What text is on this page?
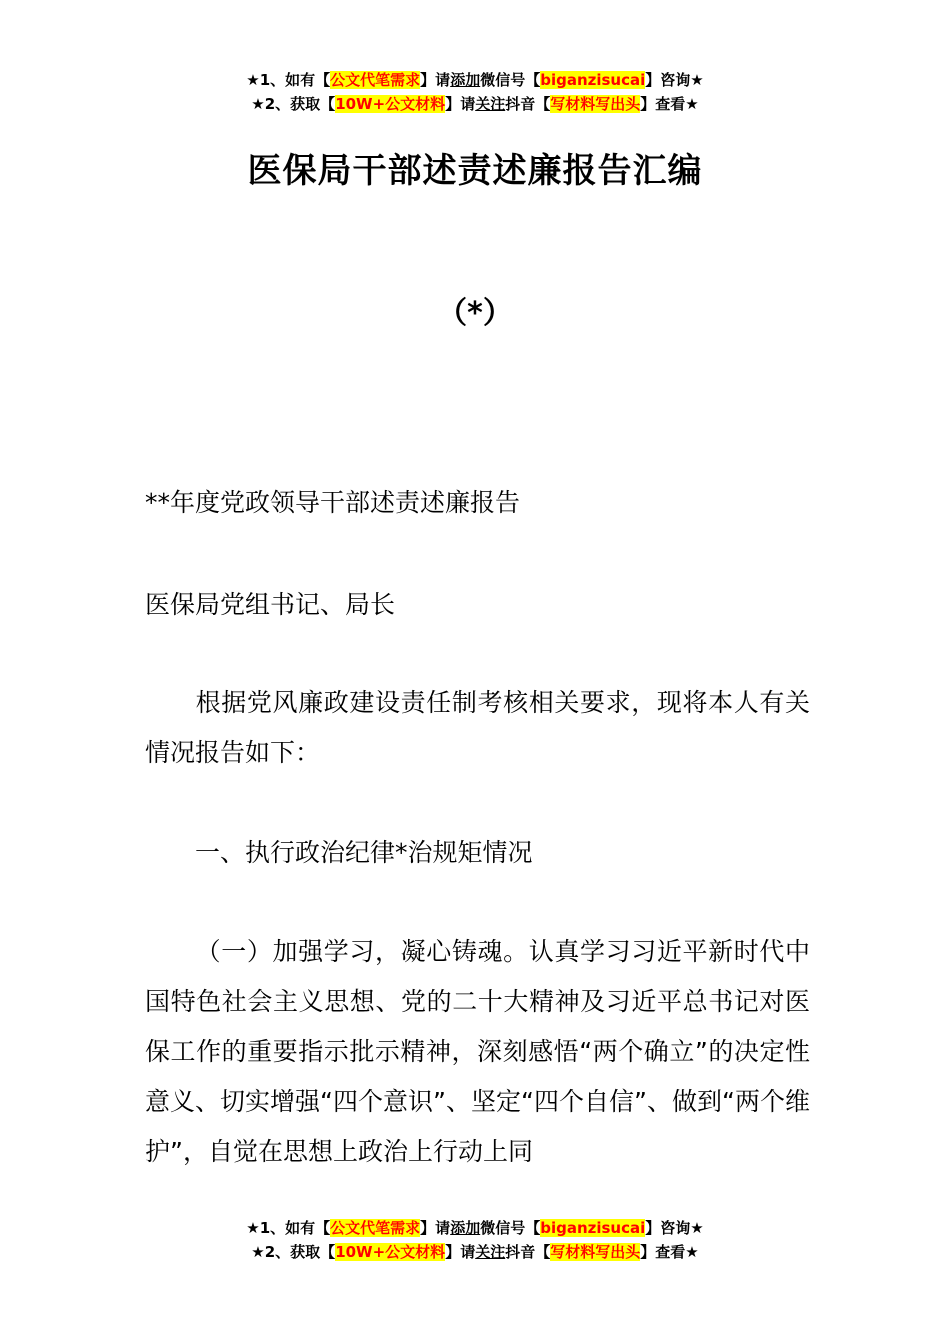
★1、如有【公文代笔需求】请添加微信号【biganzisucai】咨询★
★2、获取【10W+公文材料】请关注抖音【写材料写出头】查看★
医保局干部述责述廉报告汇编
（*）
**年度党政领导干部述责述廉报告
医保局党组书记、局长
根据党风廉政建设责任制考核相关要求，现将本人有关情况报告如下：
一、执行政治纪律*治规矩情况
（一）加强学习，凝心铸魂。认真学习习近平新时代中国特色社会主义思想、党的二十大精神及习近平总书记对医保工作的重要指示批示精神，深刻感悟“两个确立”的决定性意义、切实增强“四个意识”、坚定“四个自信”、做到“两个维护”，自觉在思想上政治上行动上同
★1、如有【公文代笔需求】请添加微信号【biganzisucai】咨询★
★2、获取【10W+公文材料】请关注抖音【写材料写出头】查看★
